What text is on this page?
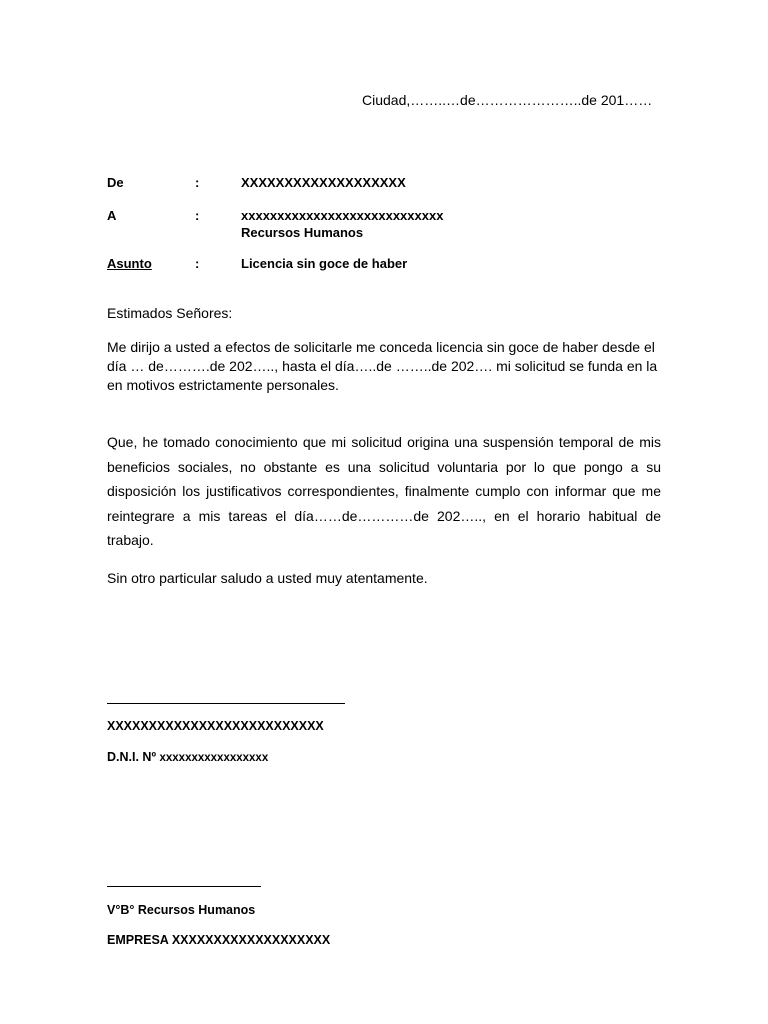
Ciudad,……..…de…………………..de 201……

De	:	XXXXXXXXXXXXXXXXXXX

A	:	xxxxxxxxxxxxxxxxxxxxxxxxxxxx

Recursos Humanos

Asunto	:	Licencia sin goce de haber

Estimados Señores:

Me dirijo a usted a efectos de solicitarle me conceda licencia sin goce de haber desde el día … de……….de 202….., hasta el día…..de ……..de 202…. mi solicitud se funda en la en motivos estrictamente personales.

Que, he tomado conocimiento que mi solicitud origina una suspensión temporal de mis beneficios sociales, no obstante es una solicitud voluntaria por lo que pongo a su disposición los justificativos correspondientes, finalmente cumplo con informar que me reintegrare a mis tareas el día……de…………de 202….., en el horario habitual de trabajo.

Sin otro particular saludo a usted muy atentamente.

XXXXXXXXXXXXXXXXXXXXXXXXXX

D.N.I. Nº xxxxxxxxxxxxxxxxx

V°B° Recursos Humanos

EMPRESA XXXXXXXXXXXXXXXXXXX
